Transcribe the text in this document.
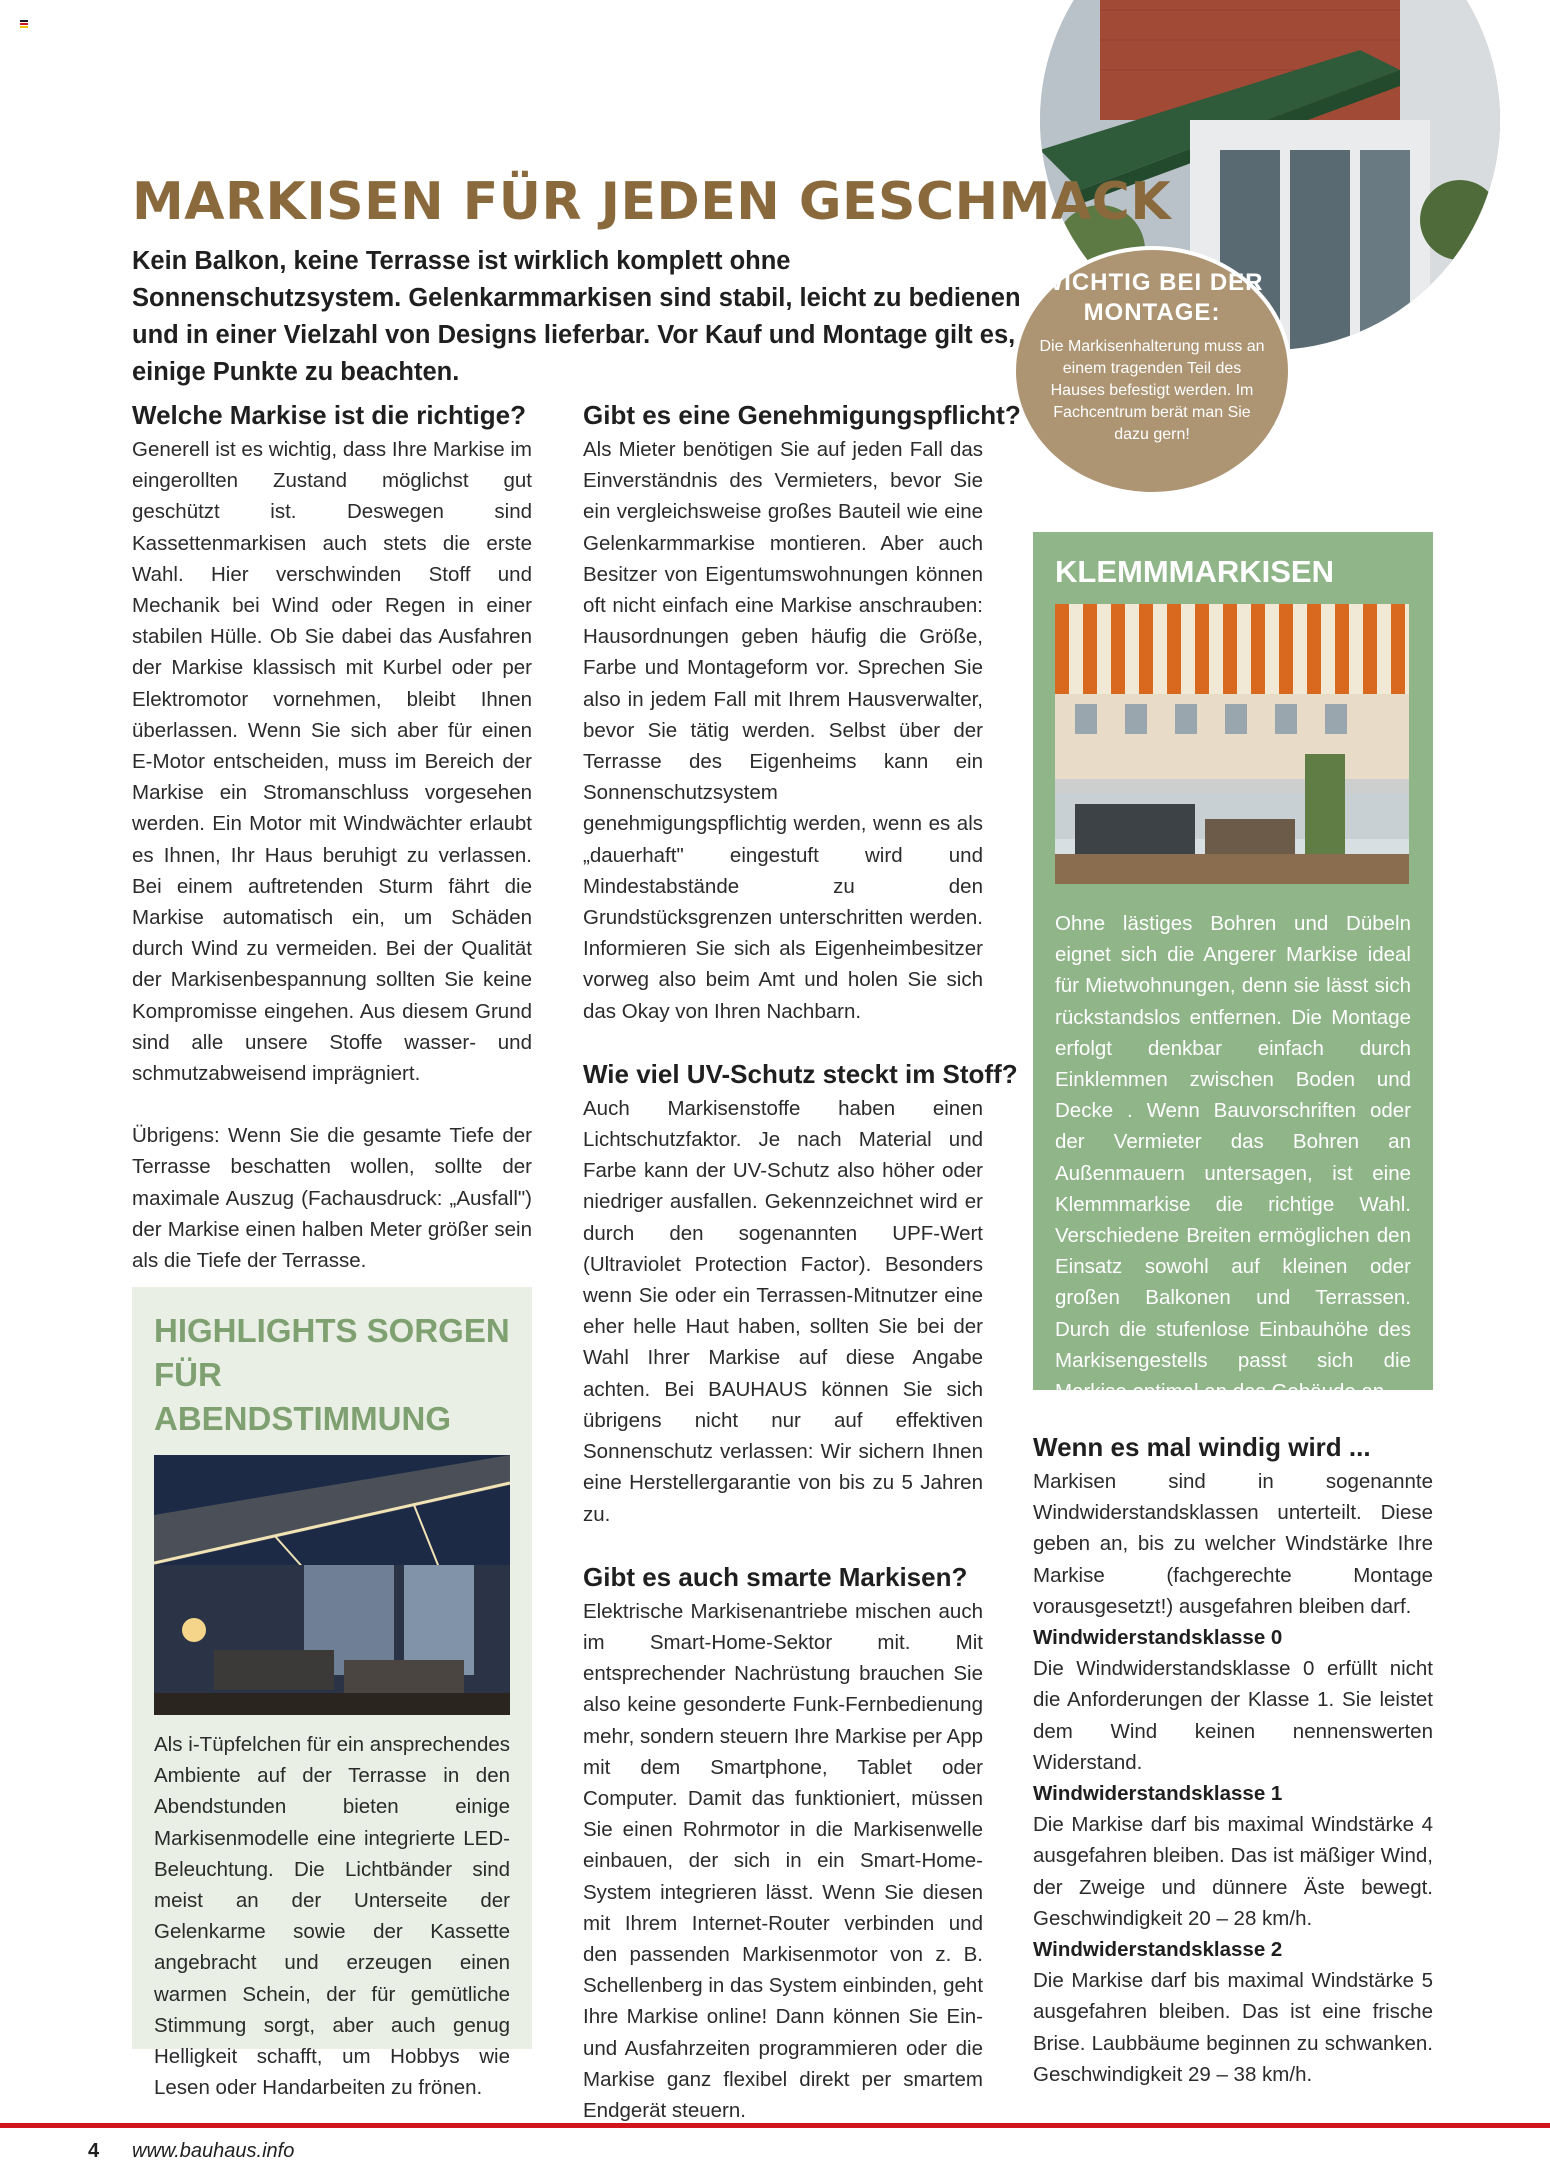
WICHTIG BEI DER MONTAGE:
Die Markisenhalterung muss an einem tragenden Teil des Hauses befestigt werden. Im Fachcentrum berät man Sie dazu gern!
MARKISEN FÜR JEDEN GESCHMACK

Kein Balkon, keine Terrasse ist wirklich komplett ohne Sonnenschutzsystem. Gelenkarmmarkisen sind stabil, leicht zu bedienen und in einer Vielzahl von Designs lieferbar. Vor Kauf und Montage gilt es, einige Punkte zu beachten.

Welche Markise ist die richtige?

Generell ist es wichtig, dass Ihre Markise im eingerollten Zustand möglichst gut geschützt ist. Deswegen sind Kassettenmarkisen auch stets die erste Wahl. Hier verschwinden Stoff und Mechanik bei Wind oder Regen in einer stabilen Hülle. Ob Sie dabei das Ausfahren der Markise klassisch mit Kurbel oder per Elektromotor vornehmen, bleibt Ihnen überlassen. Wenn Sie sich aber für einen E-Motor entscheiden, muss im Bereich der Markise ein Stromanschluss vorgesehen werden. Ein Motor mit Windwächter erlaubt es Ihnen, Ihr Haus beruhigt zu verlassen. Bei einem auftretenden Sturm fährt die Markise automatisch ein, um Schäden durch Wind zu vermeiden. Bei der Qualität der Markisenbespannung sollten Sie keine Kompromisse eingehen. Aus diesem Grund sind alle unsere Stoffe wasser- und schmutzabweisend imprägniert.

Übrigens: Wenn Sie die gesamte Tiefe der Terrasse beschatten wollen, sollte der maximale Auszug (Fachausdruck: „Ausfall") der Markise einen halben Meter größer sein als die Tiefe der Terrasse.

HIGHLIGHTS SORGEN FÜR ABENDSTIMMUNG

Als i-Tüpfelchen für ein ansprechendes Ambiente auf der Terrasse in den Abendstunden bieten einige Markisenmodelle eine integrierte LED-Beleuchtung. Die Lichtbänder sind meist an der Unterseite der Gelenkarme sowie der Kassette angebracht und erzeugen einen warmen Schein, der für gemütliche Stimmung sorgt, aber auch genug Helligkeit schafft, um Hobbys wie Lesen oder Handarbeiten zu frönen.

Gibt es eine Genehmigungspflicht?

Als Mieter benötigen Sie auf jeden Fall das Einverständnis des Vermieters, bevor Sie ein vergleichsweise großes Bauteil wie eine Gelenkarmmarkise montieren. Aber auch Besitzer von Eigentumswohnungen können oft nicht einfach eine Markise anschrauben: Hausordnungen geben häufig die Größe, Farbe und Montageform vor. Sprechen Sie also in jedem Fall mit Ihrem Hausverwalter, bevor Sie tätig werden. Selbst über der Terrasse des Eigenheims kann ein Sonnenschutzsystem genehmigungspflichtig werden, wenn es als „dauerhaft" eingestuft wird und Mindestabstände zu den Grundstücksgrenzen unterschritten werden. Informieren Sie sich als Eigenheimbesitzer vorweg also beim Amt und holen Sie sich das Okay von Ihren Nachbarn.

Wie viel UV-Schutz steckt im Stoff?

Auch Markisenstoffe haben einen Lichtschutzfaktor. Je nach Material und Farbe kann der UV-Schutz also höher oder niedriger ausfallen. Gekennzeichnet wird er durch den sogenannten UPF-Wert (Ultraviolet Protection Factor). Besonders wenn Sie oder ein Terrassen-Mitnutzer eine eher helle Haut haben, sollten Sie bei der Wahl Ihrer Markise auf diese Angabe achten. Bei BAUHAUS können Sie sich übrigens nicht nur auf effektiven Sonnenschutz verlassen: Wir sichern Ihnen eine Herstellergarantie von bis zu 5 Jahren zu.

Gibt es auch smarte Markisen?

Elektrische Markisenantriebe mischen auch im Smart-Home-Sektor mit. Mit entsprechender Nachrüstung brauchen Sie also keine gesonderte Funk-Fernbedienung mehr, sondern steuern Ihre Markise per App mit dem Smartphone, Tablet oder Computer. Damit das funktioniert, müssen Sie einen Rohrmotor in die Markisenwelle einbauen, der sich in ein Smart-Home-System integrieren lässt. Wenn Sie diesen mit Ihrem Internet-Router verbinden und den passenden Markisenmotor von z. B. Schellenberg in das System einbinden, geht Ihre Markise online! Dann können Sie Ein- und Ausfahrzeiten programmieren oder die Markise ganz flexibel direkt per smartem Endgerät steuern.

KLEMMMARKISEN

Ohne lästiges Bohren und Dübeln eignet sich die Angerer Markise ideal für Mietwohnungen, denn sie lässt sich rückstandslos entfernen. Die Montage erfolgt denkbar einfach durch Einklemmen zwischen Boden und Decke . Wenn Bauvorschriften oder der Vermieter das Bohren an Außenmauern untersagen, ist eine Klemmmarkise die richtige Wahl. Verschiedene Breiten ermöglichen den Einsatz sowohl auf kleinen oder großen Balkonen und Terrassen. Durch die stufenlose Einbauhöhe des Markisengestells passt sich die Markise optimal an das Gebäude an.

Wenn es mal windig wird ...

Markisen sind in sogenannte Windwiderstandsklassen unterteilt. Diese geben an, bis zu welcher Windstärke Ihre Markise (fachgerechte Montage vorausgesetzt!) ausgefahren bleiben darf.

Windwiderstandsklasse 0

Die Windwiderstandsklasse 0 erfüllt nicht die Anforderungen der Klasse 1. Sie leistet dem Wind keinen nennenswerten Widerstand.

Windwiderstandsklasse 1

Die Markise darf bis maximal Windstärke 4 ausgefahren bleiben. Das ist mäßiger Wind, der Zweige und dünnere Äste bewegt. Geschwindigkeit 20 – 28 km/h.

Windwiderstandsklasse 2

Die Markise darf bis maximal Windstärke 5 ausgefahren bleiben. Das ist eine frische Brise. Laubbäume beginnen zu schwanken. Geschwindigkeit 29 – 38 km/h.

4 www.bauhaus.info
